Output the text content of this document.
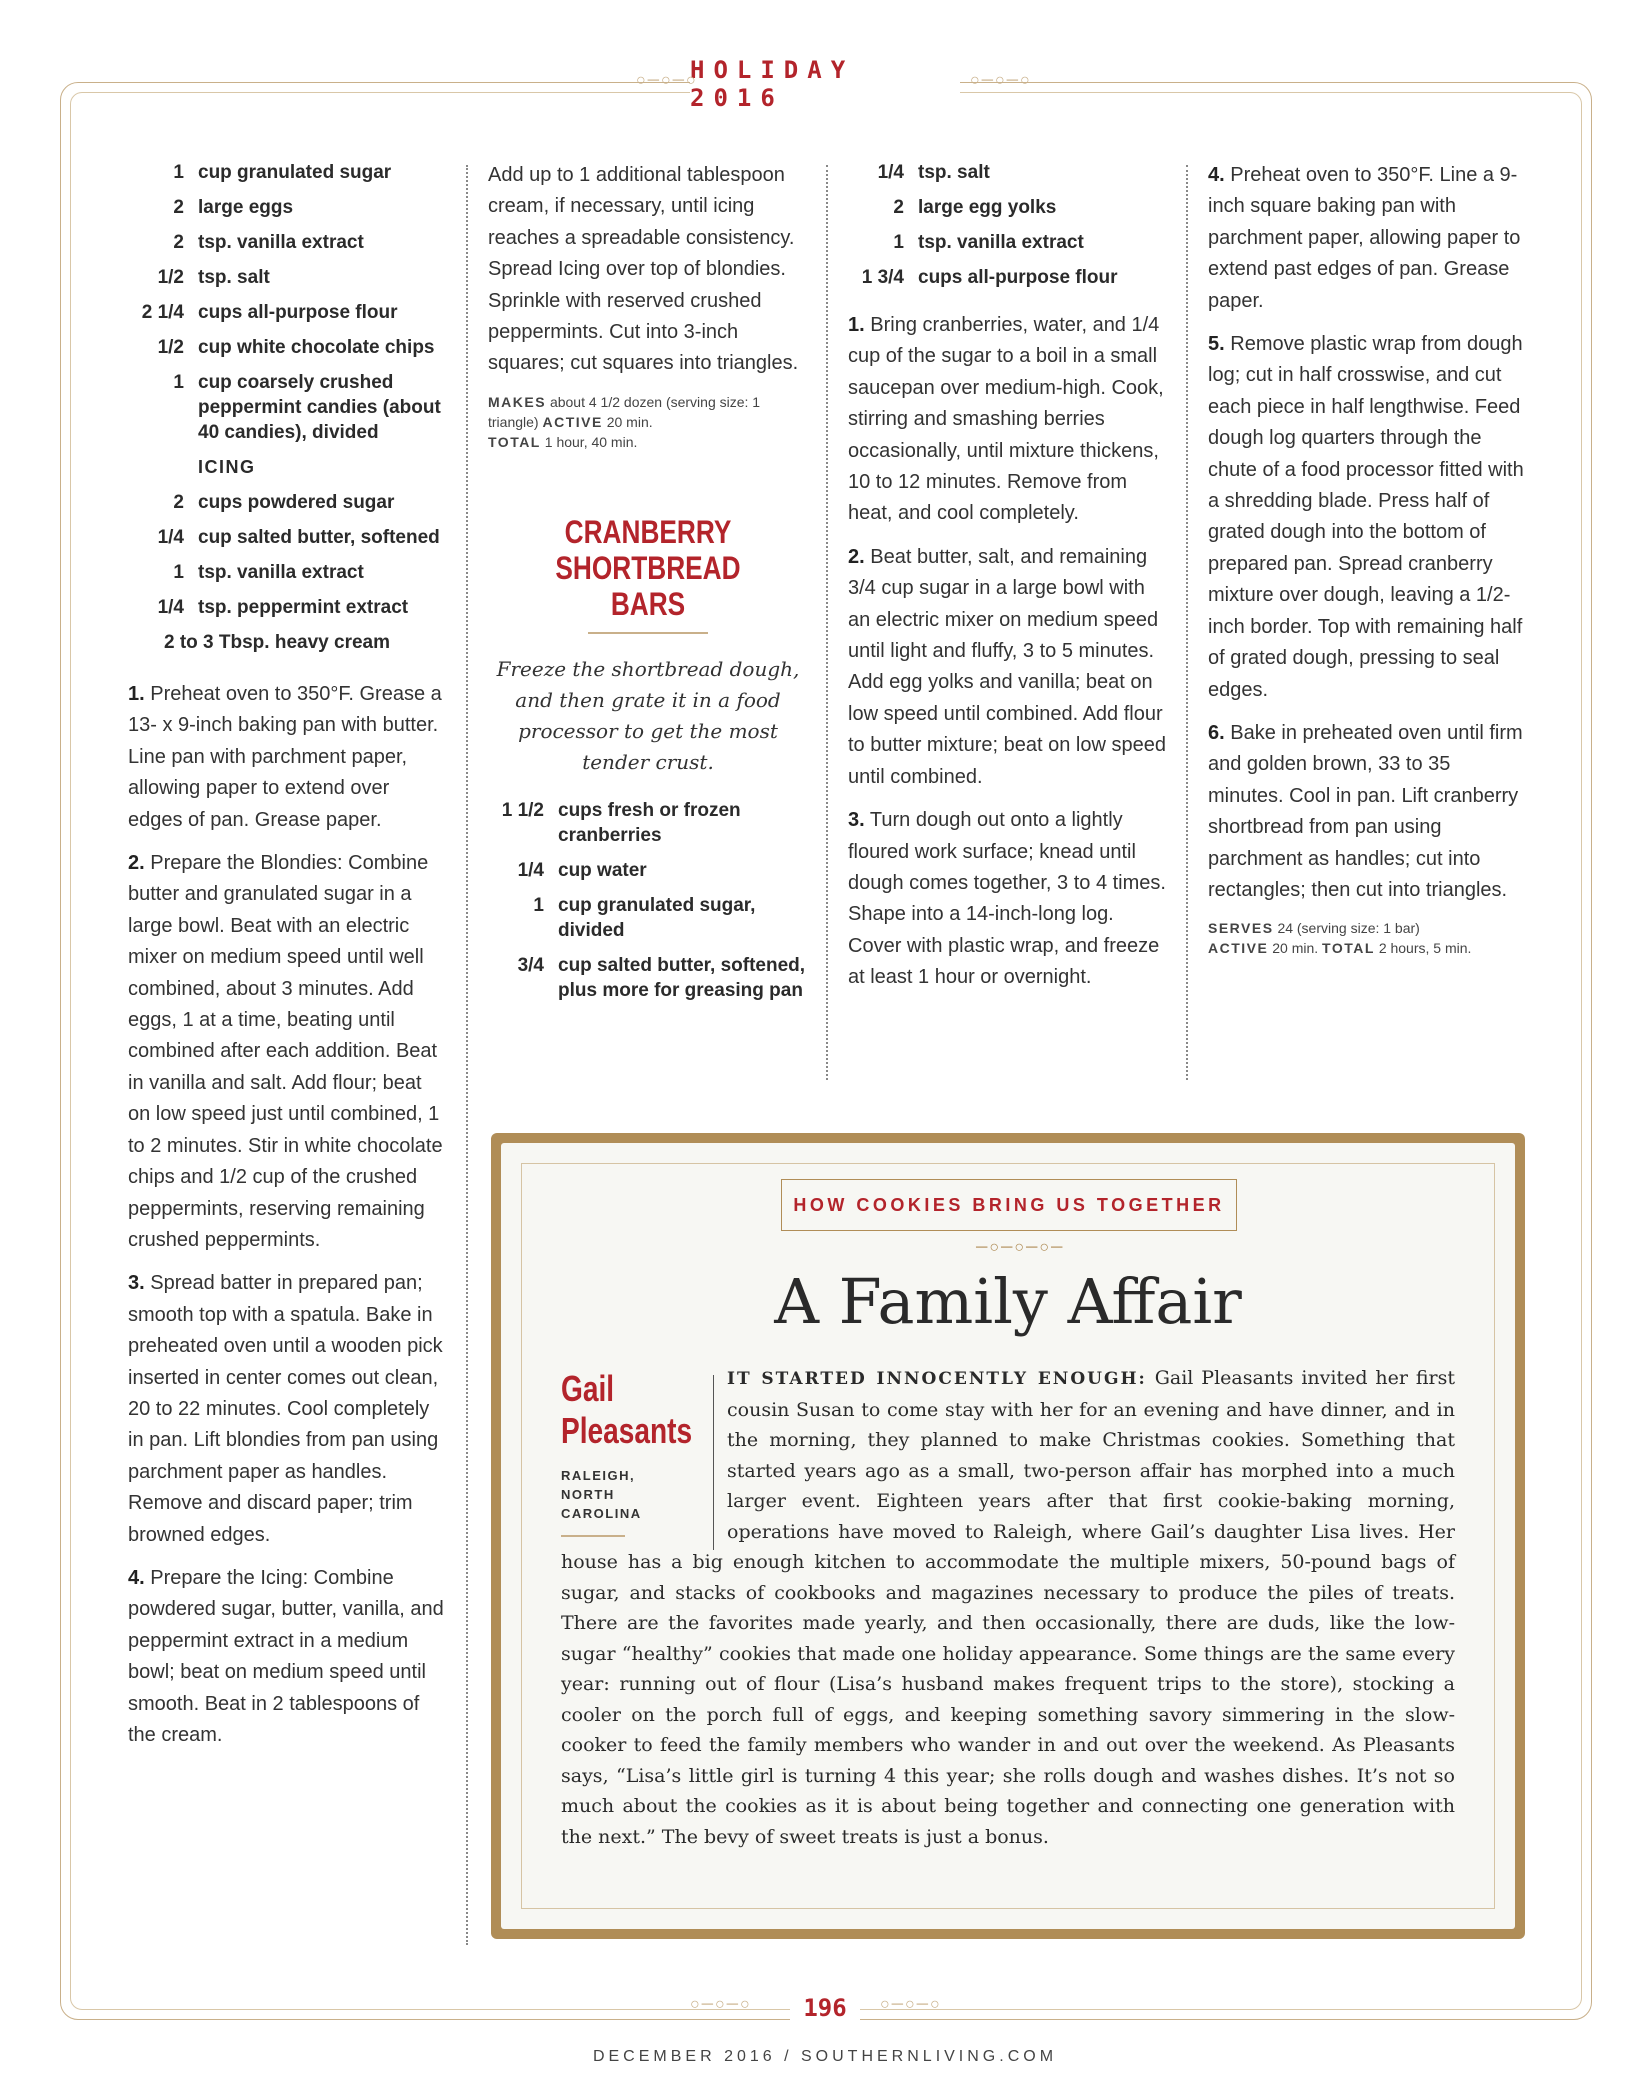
HOLIDAY 2016
○─○─○	○─○─○
1 cup granulated sugar
2 large eggs
2 tsp. vanilla extract
1/2 tsp. salt
2 1/4 cups all-purpose flour
1/2 cup white chocolate chips
1 cup coarsely crushed peppermint candies (about 40 candies), divided
ICING
2 cups powdered sugar
1/4 cup salted butter, softened
1 tsp. vanilla extract
1/4 tsp. peppermint extract
2 to 3 Tbsp. heavy cream

1. Preheat oven to 350°F. Grease a 13- x 9-inch baking pan with butter. Line pan with parchment paper, allowing paper to extend over edges of pan. Grease paper.

2. Prepare the Blondies: Combine butter and granulated sugar in a large bowl. Beat with an electric mixer on medium speed until well combined, about 3 minutes. Add eggs, 1 at a time, beating until combined after each addition. Beat in vanilla and salt. Add flour; beat on low speed just until combined, 1 to 2 minutes. Stir in white chocolate chips and 1/2 cup of the crushed peppermints, reserving remaining crushed peppermints.

3. Spread batter in prepared pan; smooth top with a spatula. Bake in preheated oven until a wooden pick inserted in center comes out clean, 20 to 22 minutes. Cool completely in pan. Lift blondies from pan using parchment paper as handles. Remove and discard paper; trim browned edges.

4. Prepare the Icing: Combine powdered sugar, butter, vanilla, and peppermint extract in a medium bowl; beat on medium speed until smooth. Beat in 2 tablespoons of the cream.

Add up to 1 additional tablespoon cream, if necessary, until icing reaches a spreadable consistency. Spread Icing over top of blondies. Sprinkle with reserved crushed peppermints. Cut into 3-inch squares; cut squares into triangles.

MAKES about 4 1/2 dozen (serving size: 1 triangle) ACTIVE 20 min.
TOTAL 1 hour, 40 min.

CRANBERRY SHORTBREAD BARS

Freeze the shortbread dough, and then grate it in a food processor to get the most tender crust.

1 1/2 cups fresh or frozen cranberries
1/4 cup water
1 cup granulated sugar, divided
3/4 cup salted butter, softened, plus more for greasing pan
1/4 tsp. salt
2 large egg yolks
1 tsp. vanilla extract
1 3/4 cups all-purpose flour

1. Bring cranberries, water, and 1/4 cup of the sugar to a boil in a small saucepan over medium-high. Cook, stirring and smashing berries occasionally, until mixture thickens, 10 to 12 minutes. Remove from heat, and cool completely.

2. Beat butter, salt, and remaining 3/4 cup sugar in a large bowl with an electric mixer on medium speed until light and fluffy, 3 to 5 minutes. Add egg yolks and vanilla; beat on low speed until combined. Add flour to butter mixture; beat on low speed until combined.

3. Turn dough out onto a lightly floured work surface; knead until dough comes together, 3 to 4 times. Shape into a 14-inch-long log. Cover with plastic wrap, and freeze at least 1 hour or overnight.

4. Preheat oven to 350°F. Line a 9-inch square baking pan with parchment paper, allowing paper to extend past edges of pan. Grease paper.

5. Remove plastic wrap from dough log; cut in half crosswise, and cut each piece in half lengthwise. Feed dough log quarters through the chute of a food processor fitted with a shredding blade. Press half of grated dough into the bottom of prepared pan. Spread cranberry mixture over dough, leaving a 1/2-inch border. Top with remaining half of grated dough, pressing to seal edges.

6. Bake in preheated oven until firm and golden brown, 33 to 35 minutes. Cool in pan. Lift cranberry shortbread from pan using parchment as handles; cut into rectangles; then cut into triangles.

SERVES 24 (serving size: 1 bar)
ACTIVE 20 min. TOTAL 2 hours, 5 min.
HOW COOKIES BRING US TOGETHER
─○─○─○─
A Family Affair

Gail

Pleasants

RALEIGH, NORTH CAROLINA
IT STARTED INNOCENTLY ENOUGH: Gail Pleasants invited her first cousin Susan to come stay with her for an evening and have dinner, and in the morning, they planned to make Christmas cookies. Something that started years ago as a small, two-person affair has morphed into a much larger event. Eighteen years after that first cookie-baking morning, operations have moved to Raleigh, where Gail’s daughter Lisa lives. Her house has a big enough kitchen to accommodate the multiple mixers, 50-pound bags of sugar, and stacks of cookbooks and magazines necessary to produce the piles of treats. There are the favorites made yearly, and then occasionally, there are duds, like the low-sugar “healthy” cookies that made one holiday appearance. Some things are the same every year: running out of flour (Lisa’s husband makes frequent trips to the store), stocking a cooler on the porch full of eggs, and keeping something savory simmering in the slow-cooker to feed the family members who wander in and out over the weekend. As Pleasants says, “Lisa’s little girl is turning 4 this year; she rolls dough and washes dishes. It’s not so much about the cookies as it is about being together and connecting one generation with the next.” The bevy of sweet treats is just a bonus.
○─○─○	○─○─○
196
DECEMBER 2016 / SOUTHERNLIVING.COM
